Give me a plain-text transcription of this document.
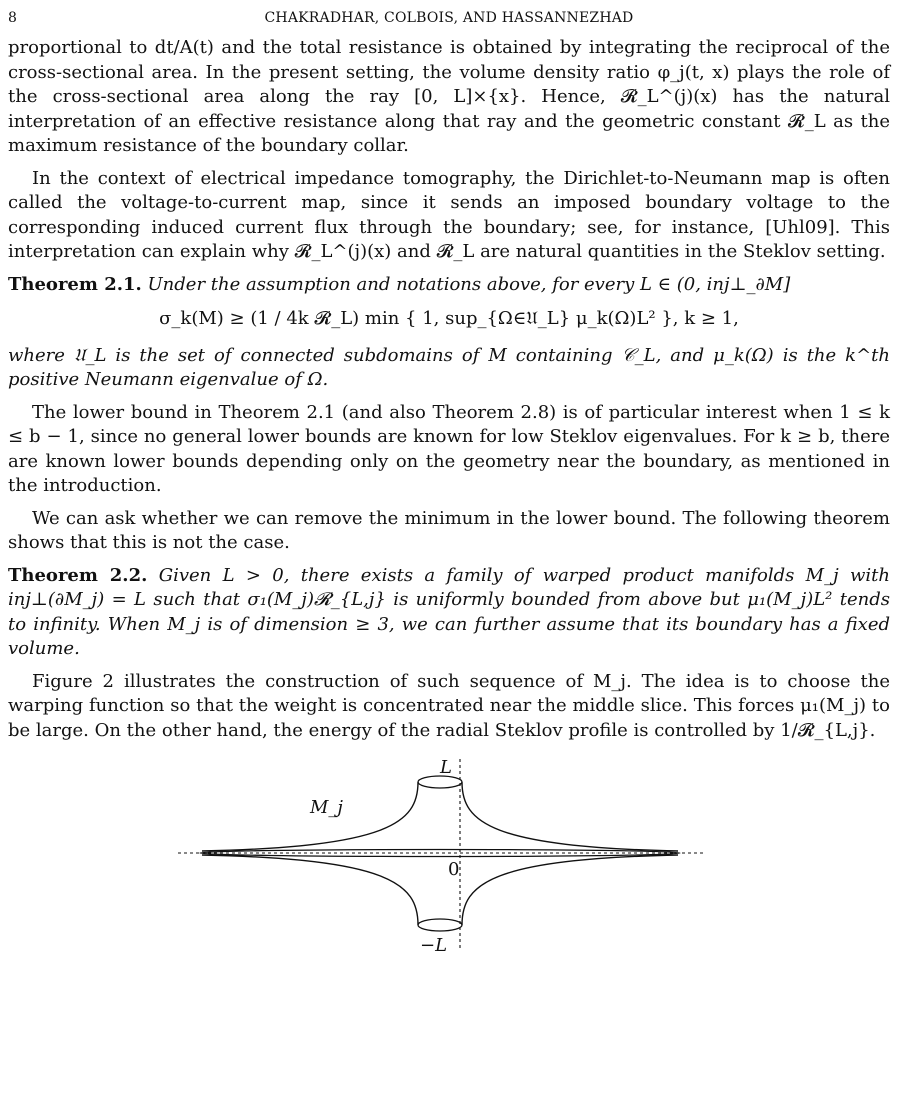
8	CHAKRADHAR, COLBOIS, AND HASSANNEZHAD

proportional to dt/A(t) and the total resistance is obtained by integrating the reciprocal of the cross-sectional area. In the present setting, the volume density ratio φ_j(t, x) plays the role of the cross-sectional area along the ray [0, L]×{x}. Hence, 𝓡_L^(j)(x) has the natural interpretation of an effective resistance along that ray and the geometric constant 𝓡_L as the maximum resistance of the boundary collar.

In the context of electrical impedance tomography, the Dirichlet-to-Neumann map is often called the voltage-to-current map, since it sends an imposed boundary voltage to the corresponding induced current flux through the boundary; see, for instance, [Uhl09]. This interpretation can explain why 𝓡_L^(j)(x) and 𝓡_L are natural quantities in the Steklov setting.

Theorem 2.1. Under the assumption and notations above, for every L ∈ (0, inj⊥_∂M]

σ_k(M) ≥ (1 / 4k 𝓡_L) min { 1, sup_{Ω∈𝔘_L} μ_k(Ω)L² }, k ≥ 1,

where 𝔘_L is the set of connected subdomains of M containing 𝒞_L, and μ_k(Ω) is the k^th positive Neumann eigenvalue of Ω.

The lower bound in Theorem 2.1 (and also Theorem 2.8) is of particular interest when 1 ≤ k ≤ b − 1, since no general lower bounds are known for low Steklov eigenvalues. For k ≥ b, there are known lower bounds depending only on the geometry near the boundary, as mentioned in the introduction.

We can ask whether we can remove the minimum in the lower bound. The following theorem shows that this is not the case.

Theorem 2.2. Given L > 0, there exists a family of warped product manifolds M_j with inj⊥(∂M_j) = L such that σ₁(M_j)𝓡_{L,j} is uniformly bounded from above but μ₁(M_j)L² tends to infinity. When M_j is of dimension ≥ 3, we can further assume that its boundary has a fixed volume.

Figure 2 illustrates the construction of such sequence of M_j. The idea is to choose the warping function so that the weight is concentrated near the middle slice. This forces μ₁(M_j) to be large. On the other hand, the energy of the radial Steklov profile is controlled by 1/𝓡_{L,j}.

L
−L
0
M_j
